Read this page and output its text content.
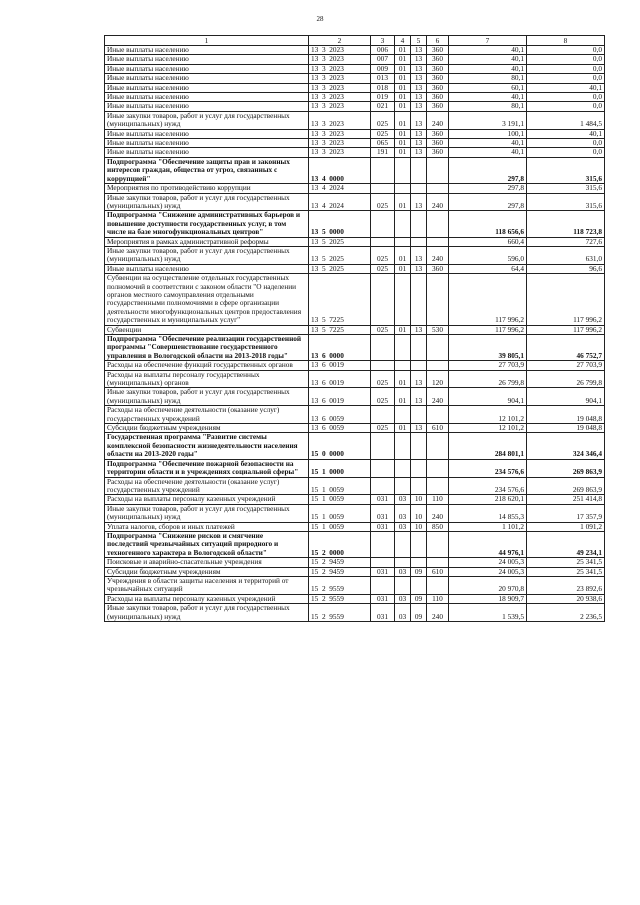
28
1	2	3	4	5	6	7	8
Иные выплаты населению	13  3  2023	006	01	13	360	40,1	0,0
Иные выплаты населению	13  3  2023	007	01	13	360	40,1	0,0
Иные выплаты населению	13  3  2023	009	01	13	360	40,1	0,0
Иные выплаты населению	13  3  2023	013	01	13	360	80,1	0,0
Иные выплаты населению	13  3  2023	018	01	13	360	60,1	40,1
Иные выплаты населению	13  3  2023	019	01	13	360	40,1	0,0
Иные выплаты населению	13  3  2023	021	01	13	360	80,1	0,0
Иные закупки товаров, работ и услуг для государственных (муниципальных) нужд	13  3  2023	025	01	13	240	3 191,1	1 484,5
Иные выплаты населению	13  3  2023	025	01	13	360	100,1	40,1
Иные выплаты населению	13  3  2023	065	01	13	360	40,1	0,0
Иные выплаты населению	13  3  2023	191	01	13	360	40,1	0,0
Подпрограмма "Обеспечение защиты прав и законных интересов граждан, общества от угроз, связанных с коррупцией"	13  4  0000					297,8	315,6
Мероприятия по противодействию коррупции	13  4  2024					297,8	315,6
Иные закупки товаров, работ и услуг для государственных (муниципальных) нужд	13  4  2024	025	01	13	240	297,8	315,6
Подпрограмма "Снижение административных барьеров и повышение доступности государственных услуг, в том числе на базе многофункциональных центров"	13  5  0000					118 656,6	118 723,8
Мероприятия в рамках административной реформы	13  5  2025					660,4	727,6
Иные закупки товаров, работ и услуг для государственных (муниципальных) нужд	13  5  2025	025	01	13	240	596,0	631,0
Иные выплаты населению	13  5  2025	025	01	13	360	64,4	96,6
Субвенции на осуществление отдельных государственных полномочий в соответствии с законом области "О наделении органов местного самоуправления отдельными государственными полномочиями в сфере организации деятельности многофункциональных центров предоставления государственных и муниципальных услуг"	13  5  7225					117 996,2	117 996,2
Субвенции	13  5  7225	025	01	13	530	117 996,2	117 996,2
Подпрограмма "Обеспечение реализации государственной программы "Совершенствование государственного управления в Вологодской области на 2013-2018 годы"	13  6  0000					39 805,1	46 752,7
Расходы на обеспечение функций государственных органов	13  6  0019					27 703,9	27 703,9
Расходы на выплаты персоналу государственных (муниципальных) органов	13  6  0019	025	01	13	120	26 799,8	26 799,8
Иные закупки товаров, работ и услуг для государственных (муниципальных) нужд	13  6  0019	025	01	13	240	904,1	904,1
Расходы на обеспечение деятельности (оказание услуг) государственных учреждений	13  6  0059					12 101,2	19 048,8
Субсидии бюджетным учреждениям	13  6  0059	025	01	13	610	12 101,2	19 048,8
Государственная программа "Развитие системы комплексной безопасности жизнедеятельности населения области на 2013-2020 годы"	15  0  0000					284 801,1	324 346,4
Подпрограмма "Обеспечение пожарной безопасности на территории области и в учреждениях социальной сферы"	15  1  0000					234 576,6	269 863,9
Расходы на обеспечение деятельности (оказание услуг) государственных учреждений	15  1  0059					234 576,6	269 863,9
Расходы на выплаты персоналу казенных учреждений	15  1  0059	031	03	10	110	218 620,1	251 414,8
Иные закупки товаров, работ и услуг для государственных (муниципальных) нужд	15  1  0059	031	03	10	240	14 855,3	17 357,9
Уплата налогов, сборов и иных платежей	15  1  0059	031	03	10	850	1 101,2	1 091,2
Подпрограмма "Снижение рисков и смягчение последствий чрезвычайных ситуаций природного и техногенного характера в Вологодской области"	15  2  0000					44 976,1	49 234,1
Поисковые и аварийно-спасательные учреждения	15  2  9459					24 005,3	25 341,5
Субсидии бюджетным учреждениям	15  2  9459	031	03	09	610	24 005,3	25 341,5
Учреждения в области защиты населения и территорий от чрезвычайных ситуаций	15  2  9559					20 970,8	23 892,6
Расходы на выплаты персоналу казенных учреждений	15  2  9559	031	03	09	110	18 909,7	20 938,6
Иные закупки товаров, работ и услуг для государственных (муниципальных) нужд	15  2  9559	031	03	09	240	1 539,5	2 236,5
